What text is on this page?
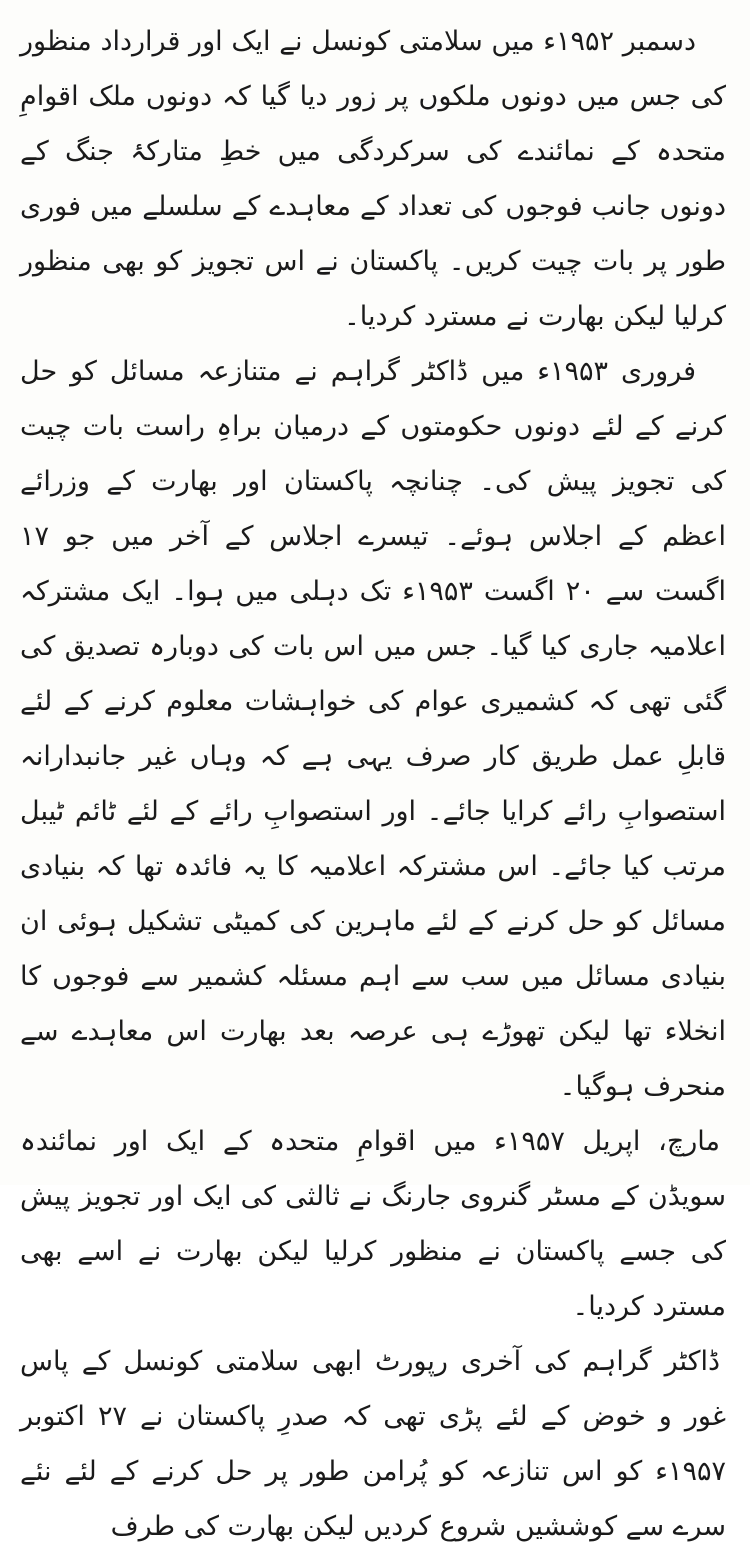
دسمبر ۱۹۵۲ء میں سلامتی کونسل نے ایک اور قرارداد منظور کی جس میں دونوں ملکوں پر زور دیا گیا کہ دونوں ملک اقوامِ متحدہ کے نمائندے کی سرکردگی میں خطِ متارکۂ جنگ کے دونوں جانب فوجوں کی تعداد کے معاہدے کے سلسلے میں فوری طور پر بات چیت کریں۔ پاکستان نے اس تجویز کو بھی منظور کرلیا لیکن بھارت نے مسترد کردیا۔

فروری ۱۹۵۳ء میں ڈاکٹر گراہم نے متنازعہ مسائل کو حل کرنے کے لئے دونوں حکومتوں کے درمیان براہِ راست بات چیت کی تجویز پیش کی۔ چنانچہ پاکستان اور بھارت کے وزرائے اعظم کے اجلاس ہوئے۔ تیسرے اجلاس کے آخر میں جو ۱۷ اگست سے ۲۰ اگست ۱۹۵۳ء تک دہلی میں ہوا۔ ایک مشترکہ اعلامیہ جاری کیا گیا۔ جس میں اس بات کی دوبارہ تصدیق کی گئی تھی کہ کشمیری عوام کی خواہشات معلوم کرنے کے لئے قابلِ عمل طریق کار صرف یہی ہے کہ وہاں غیر جانبدارانہ استصوابِ رائے کرایا جائے۔ اور استصوابِ رائے کے لئے ٹائم ٹیبل مرتب کیا جائے۔ اس مشترکہ اعلامیہ کا یہ فائدہ تھا کہ بنیادی مسائل کو حل کرنے کے لئے ماہرین کی کمیٹی تشکیل ہوئی ان بنیادی مسائل میں سب سے اہم مسئلہ کشمیر سے فوجوں کا انخلاء تھا لیکن تھوڑے ہی عرصہ بعد بھارت اس معاہدے سے منحرف ہوگیا۔

مارچ، اپریل ۱۹۵۷ء میں اقوامِ متحدہ کے ایک اور نمائندہ سویڈن کے مسٹر گنروی جارنگ نے ثالثی کی ایک اور تجویز پیش کی جسے پاکستان نے منظور کرلیا لیکن بھارت نے اسے بھی مسترد کردیا۔

ڈاکٹر گراہم کی آخری رپورٹ ابھی سلامتی کونسل کے پاس غور و خوض کے لئے پڑی تھی کہ صدرِ پاکستان نے ۲۷ اکتوبر ۱۹۵۷ء کو اس تنازعہ کو پُرامن طور پر حل کرنے کے لئے نئے سرے سے کوششیں شروع کردیں لیکن بھارت کی طرف
